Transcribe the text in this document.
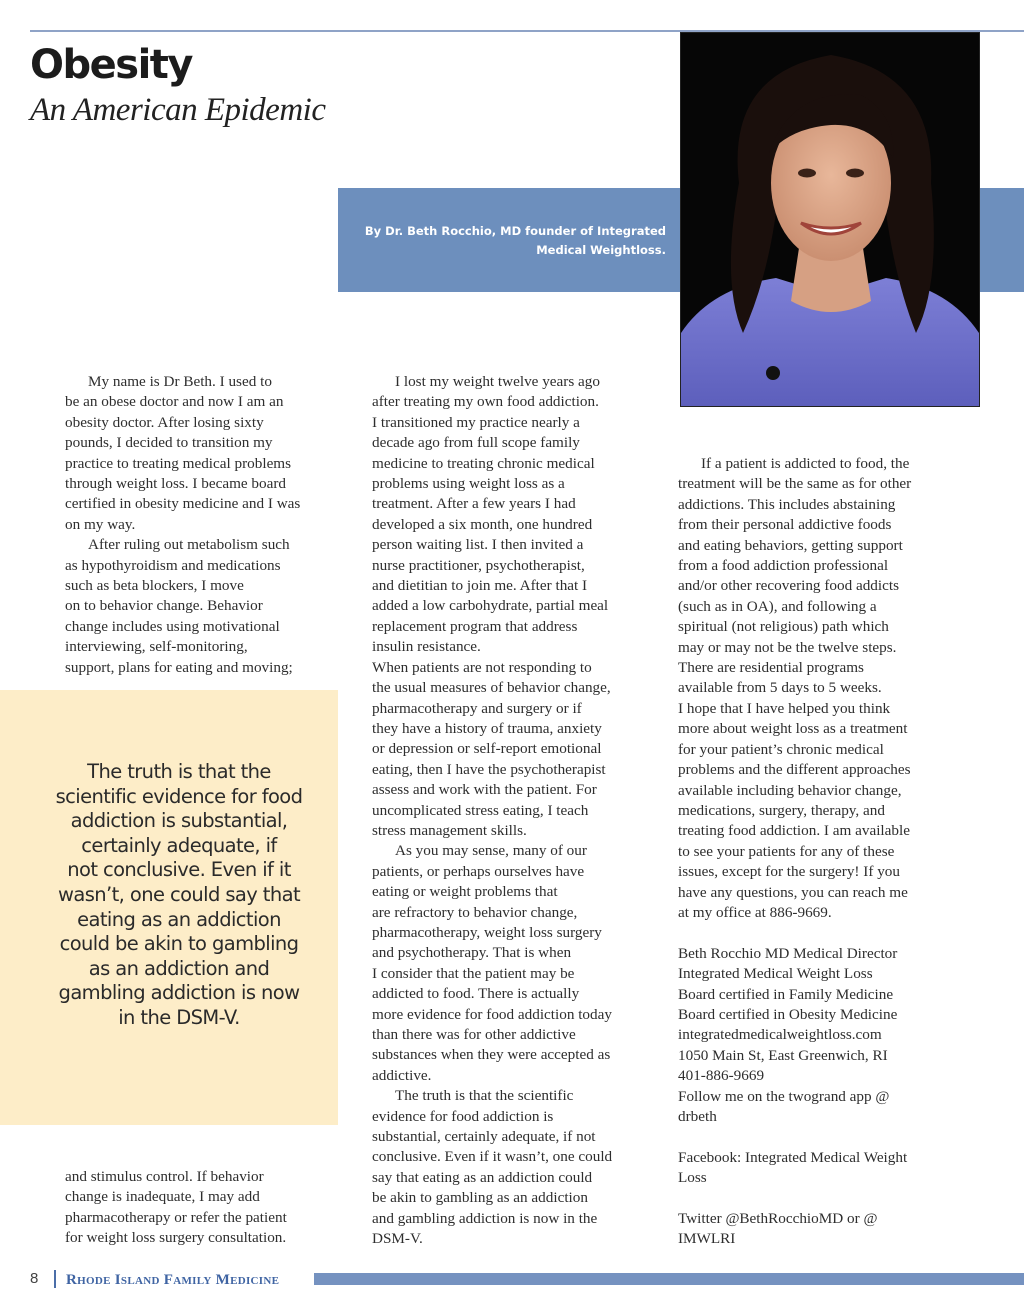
Obesity
An American Epidemic
By Dr. Beth Rocchio, MD founder of Integrated
Medical Weightloss.

My name is Dr Beth. I used to
be an obese doctor and now I am an
obesity doctor. After losing sixty
pounds, I decided to transition my
practice to treating medical problems
through weight loss. I became board
certified in obesity medicine and I was
on my way.

After ruling out metabolism such
as hypothyroidism and medications
such as beta blockers, I move
on to behavior change. Behavior
change includes using motivational
interviewing, self-monitoring,
support, plans for eating and moving;

The truth is that the
scientific evidence for food
addiction is substantial,
certainly adequate, if
not conclusive. Even if it
wasn’t, one could say that
eating as an addiction
could be akin to gambling
as an addiction and
gambling addiction is now
in the DSM-V.

and stimulus control. If behavior
change is inadequate, I may add
pharmacotherapy or refer the patient
for weight loss surgery consultation.

I lost my weight twelve years ago
after treating my own food addiction.
I transitioned my practice nearly a
decade ago from full scope family
medicine to treating chronic medical
problems using weight loss as a
treatment. After a few years I had
developed a six month, one hundred
person waiting list. I then invited a
nurse practitioner, psychotherapist,
and dietitian to join me. After that I
added a low carbohydrate, partial meal
replacement program that address
insulin resistance.

When patients are not responding to
the usual measures of behavior change,
pharmacotherapy and surgery or if
they have a history of trauma, anxiety
or depression or self-report emotional
eating, then I have the psychotherapist
assess and work with the patient. For
uncomplicated stress eating, I teach
stress management skills.

As you may sense, many of our
patients, or perhaps ourselves have
eating or weight problems that
are refractory to behavior change,
pharmacotherapy, weight loss surgery
and psychotherapy. That is when
I consider that the patient may be
addicted to food. There is actually
more evidence for food addiction today
than there was for other addictive
substances when they were accepted as
addictive.

The truth is that the scientific
evidence for food addiction is
substantial, certainly adequate, if not
conclusive. Even if it wasn’t, one could
say that eating as an addiction could
be akin to gambling as an addiction
and gambling addiction is now in the
DSM-V.

If a patient is addicted to food, the
treatment will be the same as for other
addictions. This includes abstaining
from their personal addictive foods
and eating behaviors, getting support
from a food addiction professional
and/or other recovering food addicts
(such as in OA), and following a
spiritual (not religious) path which
may or may not be the twelve steps.
There are residential programs
available from 5 days to 5 weeks.

I hope that I have helped you think
more about weight loss as a treatment
for your patient’s chronic medical
problems and the different approaches
available including behavior change,
medications, surgery, therapy, and
treating food addiction. I am available
to see your patients for any of these
issues, except for the surgery! If you
have any questions, you can reach me
at my office at 886-9669.

Beth Rocchio MD Medical Director
Integrated Medical Weight Loss
Board certified in Family Medicine
Board certified in Obesity Medicine
integratedmedicalweightloss.com
1050 Main St, East Greenwich, RI
401-886-9669
Follow me on the twogrand app @
drbeth

Facebook: Integrated Medical Weight
Loss

Twitter @BethRocchioMD or @
IMWLRI

8 Rhode Island Family Medicine
